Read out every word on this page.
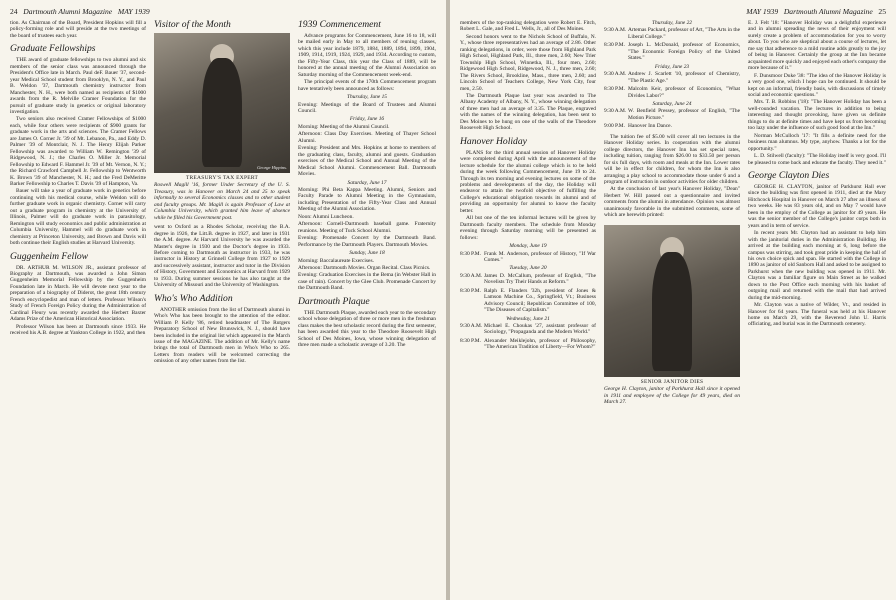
24 Dartmouth Alumni Magazine MAY 1939

tion. As Chairman of the Board, President Hopkins will fill a policy-forming role and will preside at the two meetings of the board of trustees each year.

Graduate Fellowships

THE award of graduate fellowships to two alumni and six members of the senior class was announced through the President's Office late in March. Paul deF. Bauer '37, second-year Medical School student from Brooklyn, N. Y., and Paul B. Weldon '37, Dartmouth chemistry instructor from Manchester, N. H., were both named as recipients of $1000 awards from the R. Melville Cramer Foundation for the pursuit of graduate study in genetics or original laboratory investigation.

Two seniors also received Cramer Fellowships of $1000 each, while four others were recipients of $900 grants for graduate work in the arts and sciences. The Cramer Fellows are James O. Corner Jr. '39 of Mt. Lebanon, Pa., and Eddy D. Palmer '39 of Montclair, N. J. The Henry Elijah Parker Fellowship was awarded to William W. Remington '39 of Ridgewood, N. J.; the Charles O. Miller Jr. Memorial Fellowship to Edward F. Hammel Jr. '39 of Mt. Vernon, N. Y.; the Richard Crawford Campbell Jr. Fellowship to Wentworth K. Brown '39 of Manchester, N. H.; and the Fred DeMeritte Barker Fellowship to Charles T. Davis '39 of Hampton, Va.

Bauer will take a year of graduate work in genetics before continuing with his medical course, while Weldon will do further graduate work in organic chemistry. Corner will carry out a graduate program in chemistry at the University of Illinois, Palmer will do graduate work in parasitology, Remington will study economics and public administration at Columbia University, Hammel will do graduate work in chemistry at Princeton University, and Brown and Davis will both continue their English studies at Harvard University.

Guggenheim Fellow

DR. ARTHUR M. WILSON JR., assistant professor of Biography at Dartmouth, was awarded a John Simon Guggenheim Memorial Fellowship by the Guggenheim Foundation late in March. He will devote next year to the preparation of a biography of Diderot, the great 18th century French encyclopedist and man of letters. Professor Wilson's Study of French Foreign Policy during the Administration of Cardinal Fleury was recently awarded the Herbert Baxter Adams Prize of the American Historical Association.

Professor Wilson has been at Dartmouth since 1933. He received his A.B. degree at Yankton College in 1922, and then

Visitor of the Month
George Hippins.
TREASURY'S TAX EXPERT
Roswell Magill '16, former Under Secretary of the U. S. Treasury, was in Hanover on March 24 and 25 to speak informally to several Economics classes and to other student and faculty groups. Mr. Magill is again Professor of Law at Columbia University, which granted him leave of absence while he filled his Government post.

went to Oxford as a Rhodes Scholar, receiving the B.A. degree in 1926, the Litt.B. degree in 1927, and later in 1931 the A.M. degree. At Harvard University he was awarded the Master's degree in 1930 and the Doctor's degree in 1933. Before coming to Dartmouth as instructor in 1933, he was instructor in History at Grinnell College from 1927 to 1929 and successively assistant, instructor and tutor in the Division of History, Government and Economics at Harvard from 1929 to 1933. During summer sessions he has also taught at the University of Missouri and the University of Washington.

Who's Who Addition

ANOTHER omission from the list of Dartmouth alumni in Who's Who has been brought to the attention of the editor. William P. Kelly '86, retired headmaster of The Rutgers Preparatory School of New Brunswick, N. J., should have been included in the original list which appeared in the March issue of the MAGAZINE. The addition of Mr. Kelly's name brings the total of Dartmouth men in Who's Who to 265. Letters from readers will be welcomed correcting the omission of any other names from the list.

1939 Commencement

Advance programs for Commencement, June 16 to 18, will be mailed early in May to all members of reuning classes, which this year include 1879, 1884, 1889, 1894, 1899, 1904, 1909, 1914, 1919, 1924, 1929, and 1934. According to custom, the Fifty-Year Class, this year the Class of 1889, will be honored at the annual meeting of the Alumni Association on Saturday morning of the Commencement week-end.

The principal events of the 170th Commencement program have tentatively been announced as follows:

Thursday, June 15

Evening: Meetings of the Board of Trustees and Alumni Council.

Friday, June 16

Morning: Meeting of the Alumni Council.

Afternoon: Class Day Exercises. Meeting of Thayer School Alumni.

Evening: President and Mrs. Hopkins at home to members of the graduating class, faculty, alumni and guests. Graduation exercises of the Medical School and Annual Meeting of the Medical School Alumni. Commencement Ball. Dartmouth Movies.

Saturday, June 17

Morning: Phi Beta Kappa Meeting. Alumni, Seniors and Faculty Parade to Alumni Meeting in the Gymnasium, including Presentation of the Fifty-Year Class and Annual Meeting of the Alumni Association.

Noon: Alumni Luncheon.

Afternoon: Cornell-Dartmouth baseball game. Fraternity reunions. Meeting of Tuck School Alumni.

Evening: Promenade Concert by the Dartmouth Band. Performance by the Dartmouth Players. Dartmouth Movies.

Sunday, June 18

Morning: Baccalaureate Exercises.

Afternoon: Dartmouth Movies. Organ Recital. Class Picnics.

Evening: Graduation Exercises in the Bema (in Webster Hall in case of rain). Concert by the Glee Club. Promenade Concert by the Dartmouth Band.

Dartmouth Plaque

THE Dartmouth Plaque, awarded each year to the secondary school whose delegation of three or more men in the freshman class makes the best scholastic record during the first semester, has been awarded this year to the Theodore Roosevelt High School of Des Moines, Iowa, whose winning delegation of three men made a scholastic average of 3.20. The

MAY 1939 Dartmouth Alumni Magazine 25

members of the top-ranking delegation were Robert E. Fitch, Robert L. Gale, and Fred L. Wells, Jr., all of Des Moines.

Second honors went to the Nichols School of Buffalo, N. Y., whose three representatives had an average of 2.86. Other ranking delegations, in order, were those from Highland Park High School, Highland Park, Ill., three men, 2.60; New Trier Township High School, Winnetka, Ill., four men, 2.60; Ridgewood High School, Ridgewood, N. J., three men, 2.60; The Rivers School, Brookline, Mass., three men, 2.60; and Lincoln School of Teachers College, New York City, four men, 2.50.

The Dartmouth Plaque last year was awarded to The Albany Academy of Albany, N. Y., whose winning delegation of three men had an average of 3.35. The Plaque, engraved with the names of the winning delegation, has been sent to Des Moines to be hung on one of the walls of the Theodore Roosevelt High School.

Hanover Holiday

PLANS for the third annual session of Hanover Holiday were completed during April with the announcement of the lecture schedule for the alumni college which is to be held during the week following Commencement, June 19 to 24. Through its ten morning and evening lectures on some of the problems and developments of the day, the Holiday will endeavor to attain the twofold objective of fulfilling the College's educational obligation towards its alumni and of providing an opportunity for alumni to know the faculty better.

All but one of the ten informal lectures will be given by Dartmouth faculty members. The schedule from Monday evening through Saturday morning will be presented as follows:

Monday, June 19
8:30 P.M. Frank M. Anderson, professor of History, "If War Comes."
Tuesday, June 20
9:30 A.M. James D. McCallum, professor of English, "The Novelists Try Their Hands at Reform."
8:30 P.M. Ralph E. Flanders '32h, president of Jones & Lamson Machine Co., Springfield, Vt.; Business Advisory Council; Republican Committee of 100, "The Diseases of Capitalism."
Wednesday, June 21
9:30 A.M. Michael E. Choukas '27, assistant professor of Sociology, "Propaganda and the Modern World."
8:30 P.M. Alexander Meiklejohn, professor of Philosophy, "The American Tradition of Liberty—For Whom?"
Thursday, June 22
9:30 A.M. Artemas Packard, professor of Art, "The Arts in the Liberal College."
8:30 P.M. Joseph L. McDonald, professor of Economics, "The Economic Foreign Policy of the United States."
Friday, June 23
9:30 A.M. Andrew J. Scarlett '10, professor of Chemistry, "The Plastic Age."
8:30 P.M. Malcolm Keir, professor of Economics, "What Divides Labor?"
Saturday, June 24
9:30 A.M. W. Benfield Pressey, professor of English, "The Motion Picture."
9:00 P.M. Hanover Inn Dance.

The tuition fee of $5.00 will cover all ten lectures in the Hanover Holiday series. In cooperation with the alumni college directors, the Hanover Inn has set special rates, including tuition, ranging from $26.00 to $33.50 per person for six full days, with room and meals at the Inn. Lower rates will be in effect for children, for whom the Inn is also arranging a play school to accommodate those under 6 and a program of instruction in outdoor activities for older children.

At the conclusion of last year's Hanover Holiday, "Dean" Herbert W. Hill passed out a questionnaire and invited comments from the alumni in attendance. Opinion was almost unanimously favorable in the submitted comments, some of which are herewith printed:

SENIOR JANITOR DIES
George H. Clayton, janitor of Parkhurst Hall since it opened in 1911 and employee of the College for 49 years, died on March 27.

E. J. Felt '18: "Hanover Holiday was a delightful experience and in alumni spreading the news of their enjoyment will surely create a problem of accommodation for you to worry about. To you who are skeptical about a course of lectures, let me say that adherence to a mild routine adds greatly to the joy of being in Hanover. Certainly the group at the Inn became acquainted more quickly and enjoyed each other's company the more because of it."

F. Dunsmoor Duke '38: "The idea of the Hanover Holiday is a very good one, which I hope can be continued. It should be kept on an informal, friendly basis, with discussions of timely social and economic questions."

Mrs. T. B. Robbins ('18): "The Hanover Holiday has been a well-rounded vacation. The lectures in addition to being interesting and thought provoking, have given us definite things to do at definite times and have kept us from becoming too lazy under the influence of such good food at the Inn."

Norman McCulloch '17: "It fills a definite need for the business man alumnus. My type, anyhow. Thanks a lot for the opportunity."

L. D. Stilwell (faculty): "The Holiday itself is very good. I'll be pleased to come back and educate the faculty. They need it."

George Clayton Dies

GEORGE H. CLAYTON, janitor of Parkhurst Hall ever since the building was first opened in 1911, died at the Mary Hitchcock Hospital in Hanover on March 27 after an illness of two weeks. He was 83 years old, and on May 7 would have been in the employ of the College as janitor for 49 years. He was the senior member of the College's janitor corps both in years and in term of service.

In recent years Mr. Clayton had an assistant to help him with the janitorial duties in the Administration Building. He arrived at the building each morning at 6, long before the campus was stirring, and took great pride in keeping the hall of his own choice spick and span. He started with the College in 1890 as janitor of old Sanborn Hall and asked to be assigned to Parkhurst when the new building was opened in 1911. Mr. Clayton was a familiar figure on Main Street as he walked down to the Post Office each morning with his basket of outgoing mail and returned with the mail that had arrived during the mid-morning.

Mr. Clayton was a native of Wilder, Vt., and resided in Hanover for 64 years. The funeral was held at his Hanover home on March 29, with the Reverend John U. Harris officiating, and burial was in the Dartmouth cemetery.
